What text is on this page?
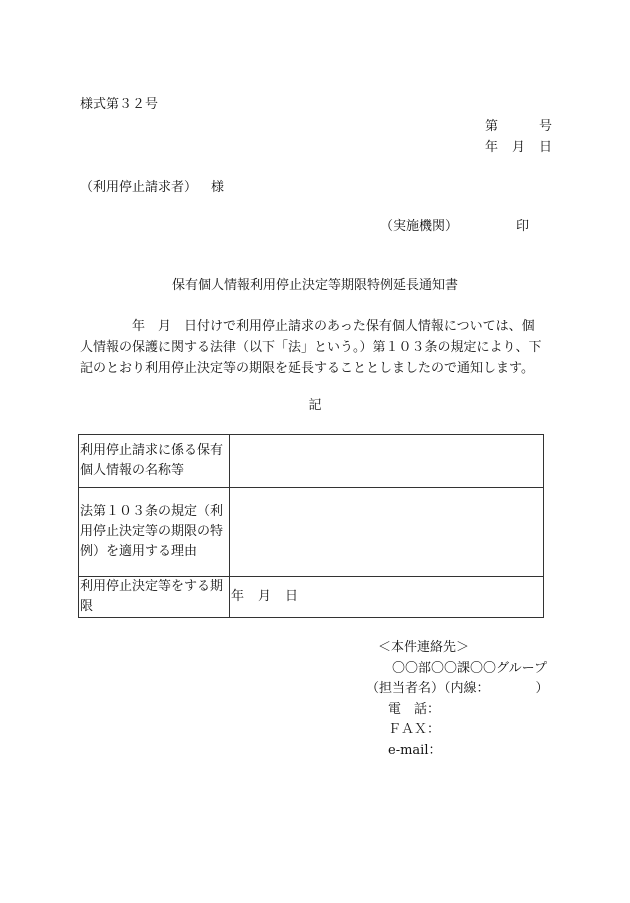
様式第３２号
第	号
年 月 日
（利用停止請求者） 様
（実施機関）	印
保有個人情報利用停止決定等期限特例延長通知書

年 月 日付けで利用停止請求のあった保有個人情報については、個

人情報の保護に関する法律（以下「法」という。）第１０３条の規定により、下

記のとおり利用停止決定等の期限を延長することとしましたので通知します。

記
利用停止請求に係る保有個人情報の名称等	
法第１０３条の規定（利用停止決定等の期限の特例）を適用する理由	
利用停止決定等をする期限	年 月 日
＜本件連絡先＞
〇〇部〇〇課〇〇グループ
（担当者名）（内線：	）
電　話：
ＦＡＸ：
e-mail：
